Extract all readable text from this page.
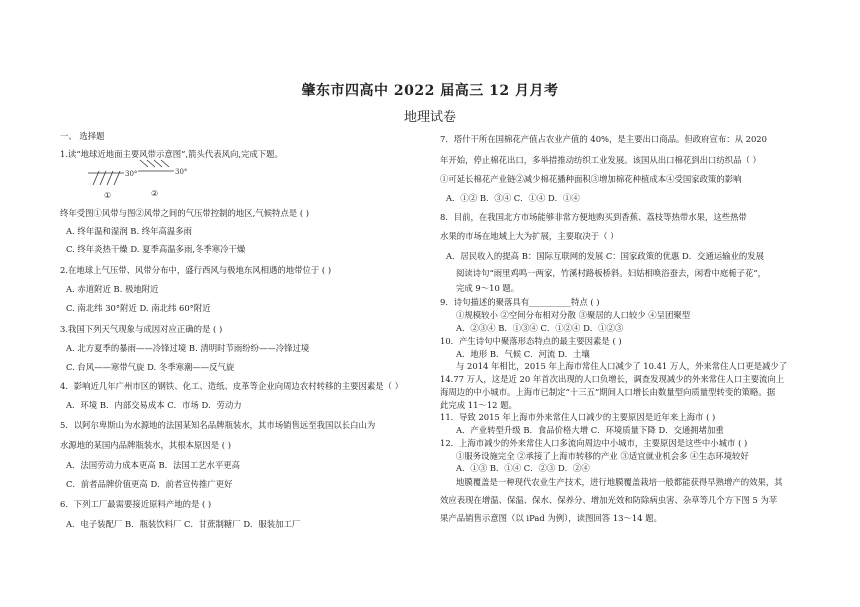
肇东市四高中 2022 届高三 12 月月考
地理试卷
一、 选择题
1.读“地球近地面主要风带示意图”,箭头代表风向,完成下题。
终年受图①风带与图②风带之间的气压带控制的地区,气候特点是 ( )
A. 终年温和湿润 B. 终年高温多雨
C. 终年炎热干燥 D. 夏季高温多雨,冬季寒冷干燥
2.在地球上气压带、风带分布中，盛行西风与极地东风相遇的地带位于 ( )
A. 赤道附近 B. 极地附近
C. 南北纬 30°附近 D. 南北纬 60°附近
3.我国下列天气现象与成因对应正确的是 ( )
A. 北方夏季的暴雨——冷锋过境 B. 清明时节雨纷纷——冷锋过境
C. 台风——寒带气旋 D. 冬季寒潮——反气旋
4．影响近几年广州市区的钢铁、化工、造纸、皮革等企业向周边农村转移的主要因素是（ ）
A．环境 B．内部交易成本 C．市场 D．劳动力
5．以阿尔卑斯山为水源地的法国某知名品牌瓶装水，其市场销售远至我国以长白山为
水源地的某国内品牌瓶装水，其根本原因是 ( )
A．法国劳动力成本更高 B．法国工艺水平更高
C．前者品牌价值更高 D．前者宣传推广更好
6．下列工厂最需要接近原料产地的是 ( )
A．电子装配厂 B．瓶装饮料厂 C．甘蔗制糖厂 D．服装加工厂
30°	30°
①	②
7．塔什干所在国棉花产值占农业产值的 40%，是主要出口商品。但政府宣布：从 2020
年开始，停止棉花出口，多举措推动纺织工业发展。该国从出口棉花到出口纺织品（ ）
①可延长棉花产业链②减少棉花播种面积③增加棉花种植成本④受国家政策的影响
A．①② B．③④ C．①④ D．①④
8．目前，在我国北方市场能够非常方便地购买到香蕉、荔枝等热带水果，这些热带
水果的市场在地域上大为扩展，主要取决于（ ）
A．居民收入的提高 B：国际互联网的发展 C：国家政策的优惠 D．交通运输业的发展
阅读诗句“雨里鸡鸣一两家，竹溪村路板桥斜。妇姑相唤浴蚕去，闲看中庭栀子花”，
完成 9～10 题。
9．诗句描述的聚落具有__________特点 ( )
①规模较小 ②空间分布相对分散 ③聚居的人口较少 ④呈团聚型
A．②③④ B．①③④ C．①②④ D．①②③
10．产生诗句中聚落形态特点的最主要因素是 ( )
A．地形 B．气候 C．河流 D．土壤
与 2014 年相比，2015 年上海市常住人口减少了 10.41 万人，外来常住人口更是减少了
14.77 万人，这是近 20 年首次出现的人口负增长，调查发现减少的外来常住人口主要流向上
海周边的中小城市。上海市已制定“十三五”期间人口增长由数量型向质量型转变的策略。据
此完成 11～12 题。
11．导致 2015 年上海市外来常住人口减少的主要原因是近年来上海市 ( )
A．产业转型升级 B．食品价格大增 C．环境质量下降 D．交通拥堵加重
12．上海市减少的外来常住人口多流向周边中小城市，主要原因是这些中小城市 ( )
①服务设施完全 ②承接了上海市转移的产业 ③适宜就业机会多 ④生态环境较好
A．①③ B．①④ C．②③ D．②④
地膜覆盖是一种现代农业生产技术，进行地膜覆盖栽培一般都能获得早熟增产的效果，其
效应表现在增温、保温、保水、保养分、增加光效和防除病虫害、杂草等几个方下图 5 为苹
果产品销售示意图（以 iPad 为例），读图回答 13～14 题。
